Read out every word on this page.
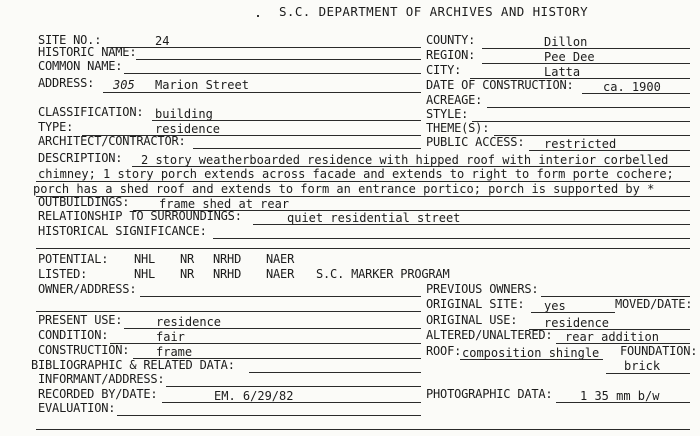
S.C. DEPARTMENT OF ARCHIVES AND HISTORY
SITE NO.:	24
HISTORIC NAME:
COMMON NAME:
ADDRESS: 305 Marion Street
CLASSIFICATION: building
TYPE:	residence
ARCHITECT/CONTRACTOR:
COUNTY:	Dillon
REGION:	Pee Dee
CITY:	Latta
DATE OF CONSTRUCTION: ca. 1900
ACREAGE:
STYLE:
THEME(S):
PUBLIC ACCESS: restricted
DESCRIPTION: 2 story weatherboarded residence with hipped roof with interior corbelled
chimney; 1 story porch extends across facade and extends to right to form porte cochere;
porch has a shed roof and extends to form an entrance portico; porch is supported by *
OUTBUILDINGS: frame shed at rear
RELATIONSHIP TO SURROUNDINGS:	quiet residential street
HISTORICAL SIGNIFICANCE:
POTENTIAL: NHL NR NRHD NAER
LISTED:	NHL NR NRHD NAER S.C. MARKER PROGRAM
OWNER/ADDRESS:	PREVIOUS OWNERS:
ORIGINAL SITE: yes	MOVED/DATE:
PRESENT USE:	residence	ORIGINAL USE: residence
CONDITION:	fair	ALTERED/UNALTERED: rear addition
CONSTRUCTION: frame	ROOF: composition shingle FOUNDATION:
brick
BIBLIOGRAPHIC & RELATED DATA:
INFORMANT/ADDRESS:
RECORDED BY/DATE:	EM. 6/29/82	PHOTOGRAPHIC DATA: 1 35 mm b/w
EVALUATION:
